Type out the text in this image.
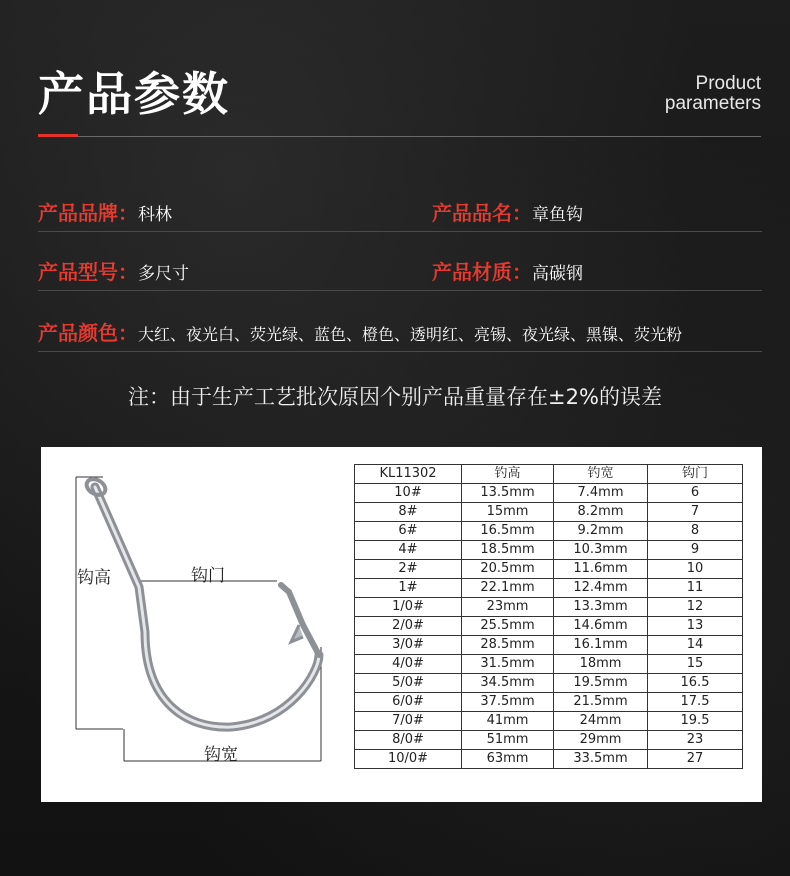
产品参数	Product
parameters
产品品牌：科林	产品品名：章鱼钩
产品型号：多尺寸	产品材质：高碳钢
产品颜色：大红、夜光白、荧光绿、蓝色、橙色、透明红、亮锡、夜光绿、黑镍、荧光粉
注：由于生产工艺批次原因个别产品重量存在±2%的误差
钩高	钩门
钩宽
KL11302	钓高	钓宽	钩门
10#	13.5mm	7.4mm	6
8#	15mm	8.2mm	7
6#	16.5mm	9.2mm	8
4#	18.5mm	10.3mm	9
2#	20.5mm	11.6mm	10
1#	22.1mm	12.4mm	11
1/0#	23mm	13.3mm	12
2/0#	25.5mm	14.6mm	13
3/0#	28.5mm	16.1mm	14
4/0#	31.5mm	18mm	15
5/0#	34.5mm	19.5mm	16.5
6/0#	37.5mm	21.5mm	17.5
7/0#	41mm	24mm	19.5
8/0#	51mm	29mm	23
10/0#	63mm	33.5mm	27
